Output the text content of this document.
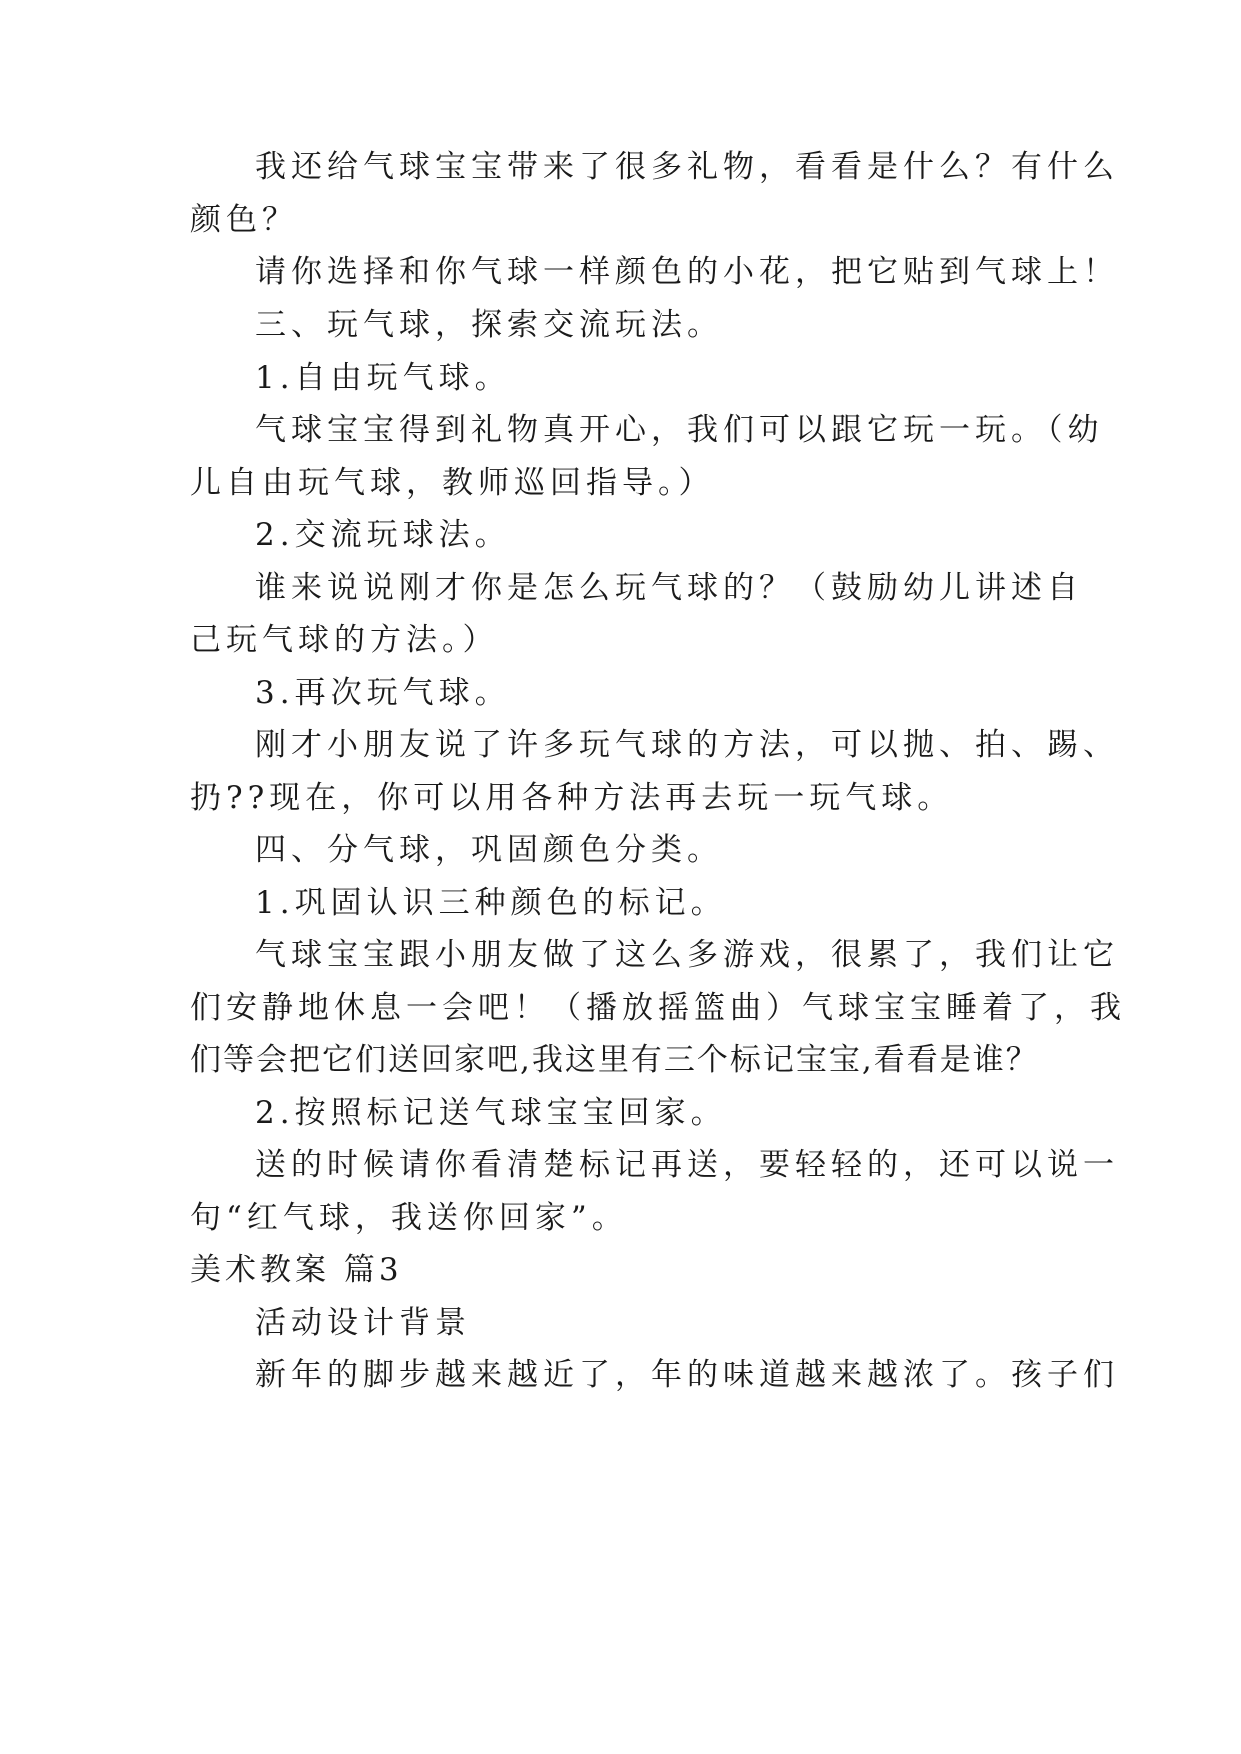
我还给气球宝宝带来了很多礼物，看看是什么？有什么
颜色？
请你选择和你气球一样颜色的小花，把它贴到气球上！
三、玩气球，探索交流玩法。
1.自由玩气球。
气球宝宝得到礼物真开心，我们可以跟它玩一玩。（幼
儿自由玩气球，教师巡回指导。）
2.交流玩球法。
谁来说说刚才你是怎么玩气球的？（鼓励幼儿讲述自
己玩气球的方法。）
3.再次玩气球。
刚才小朋友说了许多玩气球的方法，可以抛、拍、踢、
扔??现在，你可以用各种方法再去玩一玩气球。
四、分气球，巩固颜色分类。
1.巩固认识三种颜色的标记。
气球宝宝跟小朋友做了这么多游戏，很累了，我们让它
们安静地休息一会吧！（播放摇篮曲）气球宝宝睡着了，我
们等会把它们送回家吧,我这里有三个标记宝宝,看看是谁？
2.按照标记送气球宝宝回家。
送的时候请你看清楚标记再送，要轻轻的，还可以说一
句“红气球，我送你回家”。
美术教案 篇3
活动设计背景
新年的脚步越来越近了，年的味道越来越浓了。孩子们
